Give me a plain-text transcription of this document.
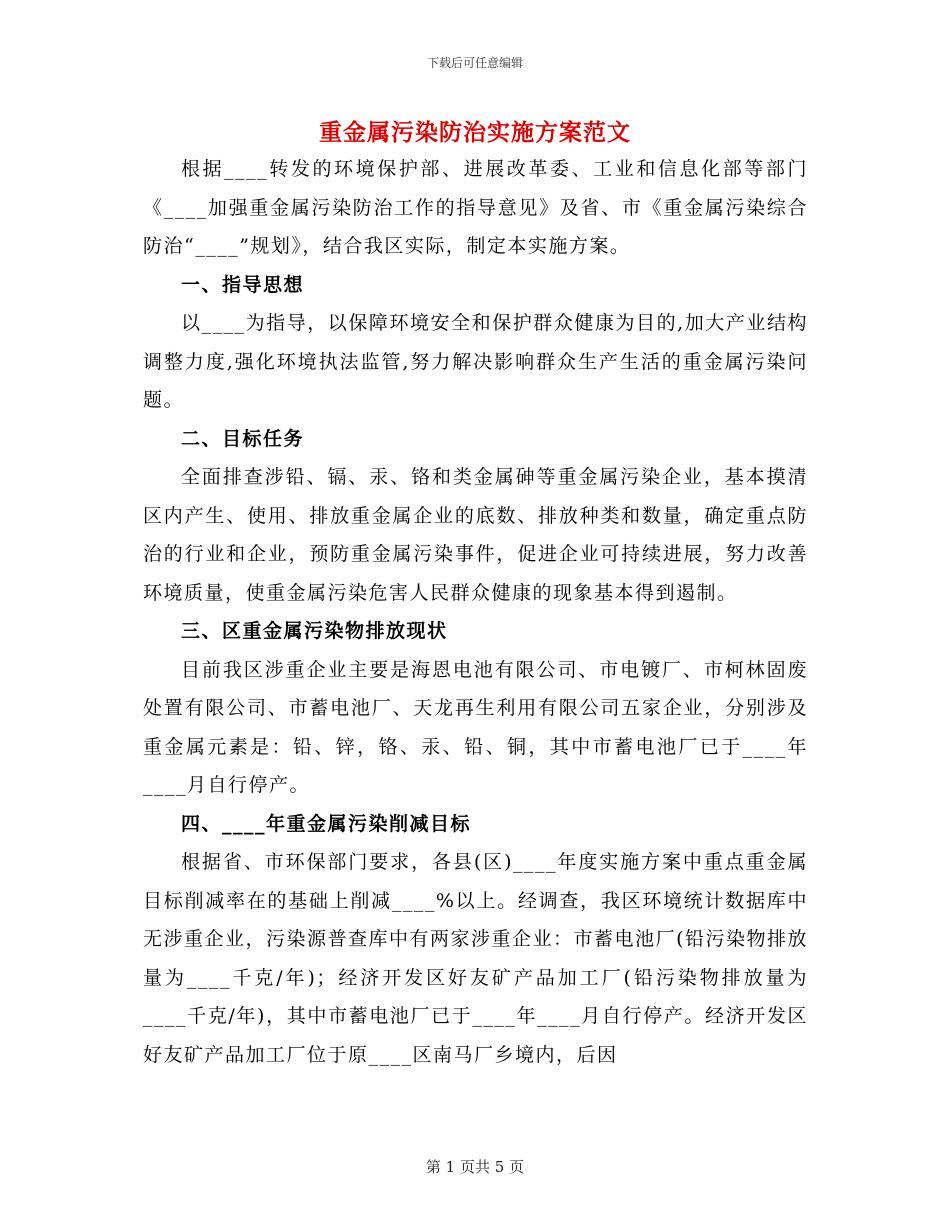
下载后可任意编辑
重金属污染防治实施方案范文

根据____转发的环境保护部、进展改革委、工业和信息化部等部门《____加强重金属污染防治工作的指导意见》及省、市《重金属污染综合防治“____”规划》，结合我区实际，制定本实施方案。

一、指导思想

以____为指导，以保障环境安全和保护群众健康为目的,加大产业结构调整力度,强化环境执法监管,努力解决影响群众生产生活的重金属污染问题。

二、目标任务

全面排查涉铅、镉、汞、铬和类金属砷等重金属污染企业，基本摸清区内产生、使用、排放重金属企业的底数、排放种类和数量，确定重点防治的行业和企业，预防重金属污染事件，促进企业可持续进展，努力改善环境质量，使重金属污染危害人民群众健康的现象基本得到遏制。

三、区重金属污染物排放现状

目前我区涉重企业主要是海恩电池有限公司、市电镀厂、市柯林固废处置有限公司、市蓄电池厂、天龙再生利用有限公司五家企业，分别涉及重金属元素是：铅、锌，铬、汞、铅、铜，其中市蓄电池厂已于____年____月自行停产。

四、____年重金属污染削减目标

根据省、市环保部门要求，各县(区)____年度实施方案中重点重金属目标削减率在的基础上削减____%以上。经调查，我区环境统计数据库中无涉重企业，污染源普查库中有两家涉重企业：市蓄电池厂(铅污染物排放量为____千克/年)；经济开发区好友矿产品加工厂(铅污染物排放量为____千克/年)，其中市蓄电池厂已于____年____月自行停产。经济开发区好友矿产品加工厂位于原____区南马厂乡境内，后因

第 1 页共 5 页
